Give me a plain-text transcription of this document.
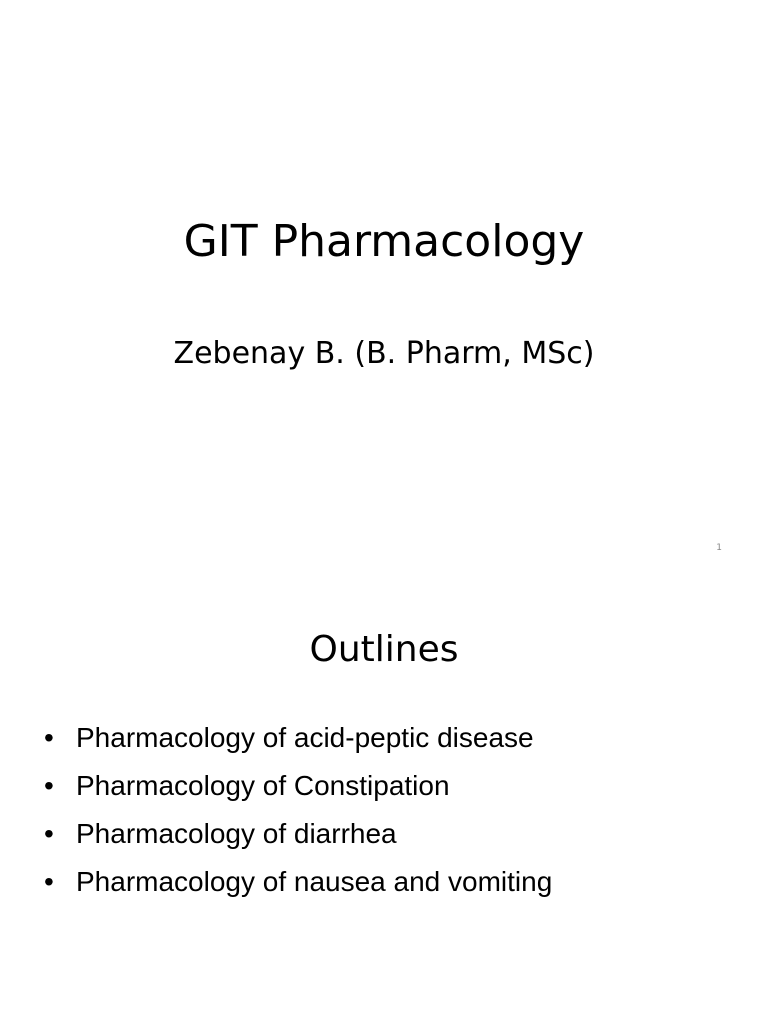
GIT Pharmacology
Zebenay B. (B. Pharm, MSc)
1
Outlines
• Pharmacology of acid-peptic disease
• Pharmacology of Constipation
• Pharmacology of diarrhea
• Pharmacology of nausea and vomiting
